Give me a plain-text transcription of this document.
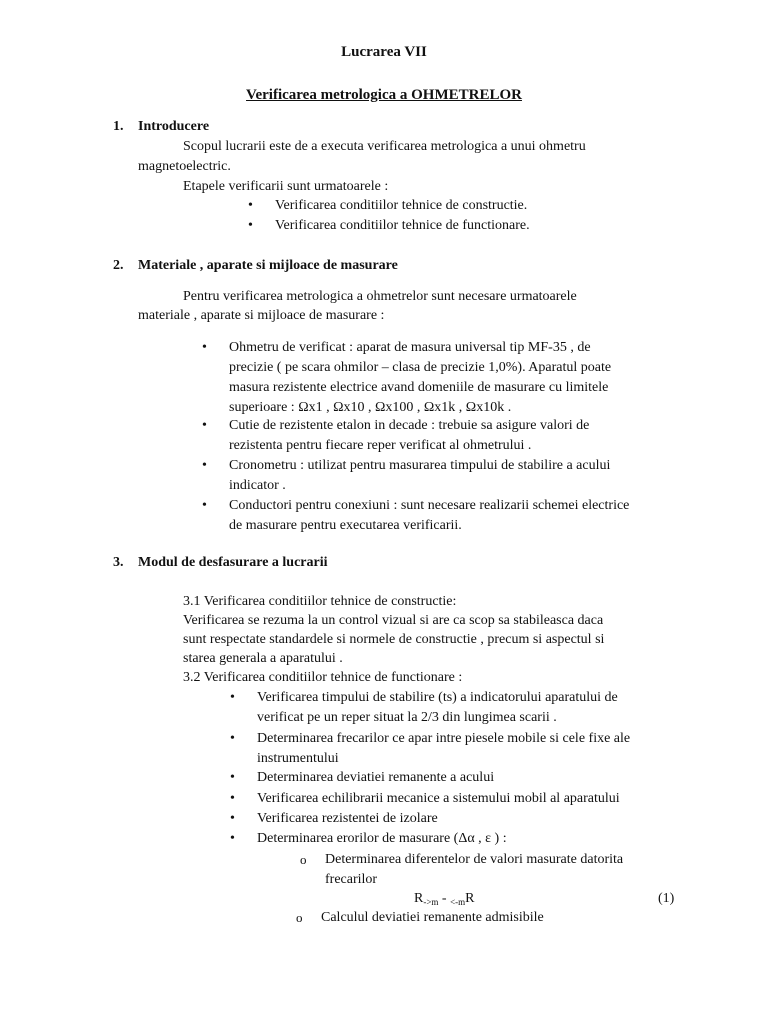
Lucrarea VII
Verificarea metrologica a OHMETRELOR
1. Introducere
Scopul lucrarii este de a executa verificarea metrologica a unui ohmetru
magnetoelectric.
Etapele verificarii sunt urmatoarele :
• Verificarea conditiilor tehnice de constructie.
• Verificarea conditiilor tehnice de functionare.
2. Materiale , aparate si mijloace de masurare
Pentru verificarea metrologica a ohmetrelor sunt necesare urmatoarele
materiale , aparate si mijloace de masurare :
• Ohmetru de verificat : aparat de masura universal tip MF-35 , de
precizie ( pe scara ohmilor – clasa de precizie 1,0%). Aparatul poate
masura rezistente electrice avand domeniile de masurare cu limitele
superioare : Ωx1 , Ωx10 , Ωx100 , Ωx1k , Ωx10k .
• Cutie de rezistente etalon in decade : trebuie sa asigure valori de
rezistenta pentru fiecare reper verificat al ohmetrului .
• Cronometru : utilizat pentru masurarea timpului de stabilire a acului
indicator .
• Conductori pentru conexiuni : sunt necesare realizarii schemei electrice
de masurare pentru executarea verificarii.
3. Modul de desfasurare a lucrarii
3.1 Verificarea conditiilor tehnice de constructie:
Verificarea se rezuma la un control vizual si are ca scop sa stabileasca daca
sunt respectate standardele si normele de constructie , precum si aspectul si
starea generala a aparatului .
3.2 Verificarea conditiilor tehnice de functionare :
• Verificarea timpului de stabilire (ts) a indicatorului aparatului de
verificat pe un reper situat la 2/3 din lungimea scarii .
• Determinarea frecarilor ce apar intre piesele mobile si cele fixe ale
instrumentului
• Determinarea deviatiei remanente a acului
• Verificarea echilibrarii mecanice a sistemului mobil al aparatului
• Verificarea rezistentei de izolare
• Determinarea erorilor de masurare (Δα , ε ) :
o Determinarea diferentelor de valori masurate datorita
frecarilor
$R_{->m} - _{<-m}R$	(1)
o Calculul deviatiei remanente admisibile
